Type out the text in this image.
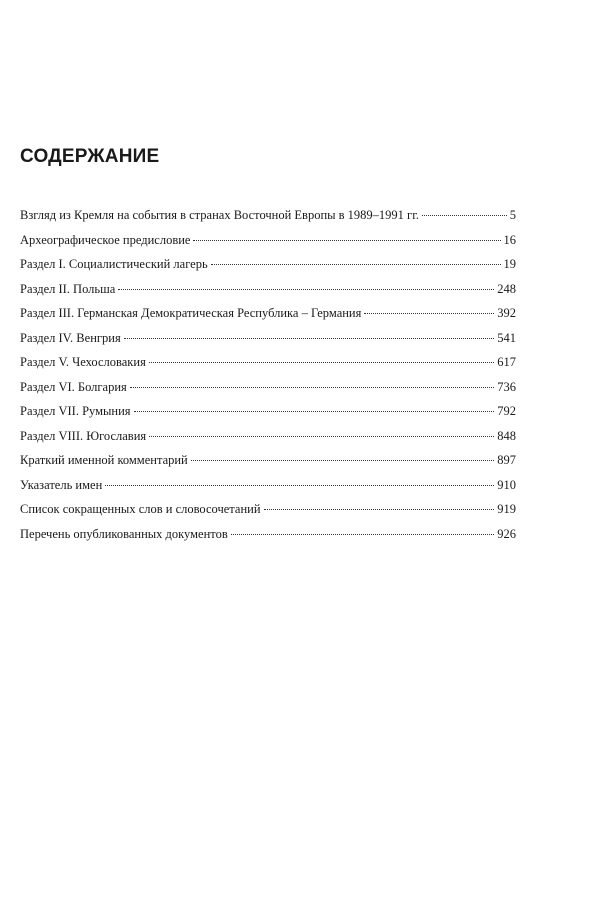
СОДЕРЖАНИЕ
Взгляд из Кремля на события в странах Восточной Европы в 1989–1991 гг.	5
Археографическое предисловие	16
Раздел I. Социалистический лагерь	19
Раздел II. Польша	248
Раздел III. Германская Демократическая Республика – Германия	392
Раздел IV. Венгрия	541
Раздел V. Чехословакия	617
Раздел VI. Болгария	736
Раздел VII. Румыния	792
Раздел VIII. Югославия	848
Краткий именной комментарий	897
Указатель имен	910
Список сокращенных слов и словосочетаний	919
Перечень опубликованных документов	926
